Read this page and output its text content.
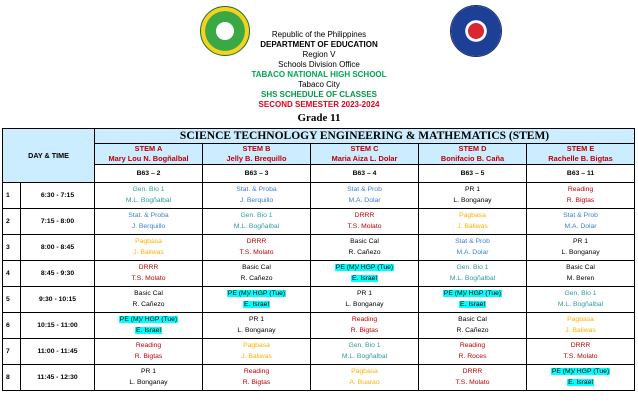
Republic of the Philippines
DEPARTMENT OF EDUCATION
Region V
Schools Division Office
TABACO NATIONAL HIGH SCHOOL
Tabaco City
SHS SCHEDULE OF CLASSES
SECOND SEMESTER 2023-2024
Grade 11
DAY & TIME		SCIENCE TECHNOLOGY ENGINEERING & MATHEMATICS (STEM)				

		STEM A
Mary Lou N. Bogñalbal	STEM B
Jelly B. Brequillo	STEM C
Maria Aiza L. Dolar	STEM D
Bonifacio B. Caña	STEM E
Rachelle B. Bigtas

		B63 – 2	B63 – 3	B63 – 4	B63 – 5	B63 – 11
1	6:30 - 7:15	Gen. Bio 1
M.L. Bogñalbal	Stat. & Proba
J. Berquillo	Stat & Prob
M.A. Dolar	PR 1
L. Bonganay	Reading
R. Bigtas

2	7:15 - 8:00	Stat. & Proba
J. Berquillo	Gen. Bio 1
M.L. Bogñalbal	DRRR
T.S. Molato	Pagbasa
J. Baliwas	Stat & Prob
M.A. Dolar

3	8:00 - 8:45	Pagbasa
J. Baliwas	DRRR
T.S. Molato	Basic Cal
R. Cañezo	Stat & Prob
M.A. Dolar	PR 1
L. Bonganay

4	8:45 - 9:30	DRRR
T.S. Molato	Basic Cal
R. Cañezo	PE (M)/ HGP (Tue)
E. Israel	Gen. Bio 1
M.L. Bogñalbal	Basic Cal
M. Beren

5	9:30 - 10:15	Basic Cal
R. Cañezo	PE (M)/ HGP (Tue)
E. Israel	PR 1
L. Bonganay	PE (M)/ HGP (Tue)
E. Israel	Gen. Bio 1
M.L. Bogñalbal

6	10:15 - 11:00	PE (M)/ HGP (Tue)
E. Israel	PR 1
L. Bonganay	Reading
R. Bigtas	Basic Cal
R. Cañezo	Pagbasa
J. Baliwas

7	11:00 - 11:45	Reading
R. Bigtas	Pagbasa
J. Baliwas	Gen. Bio 1
M.L. Bogñalbal	Reading
R. Roces	DRRR
T.S. Molato

8	11:45 - 12:30	PR 1
L. Bonganay	Reading
R. Bigtas	Pagbasa
A. Buarao	DRRR
T.S. Molato	PE (M)/ HGP (Tue)
E. Israel
